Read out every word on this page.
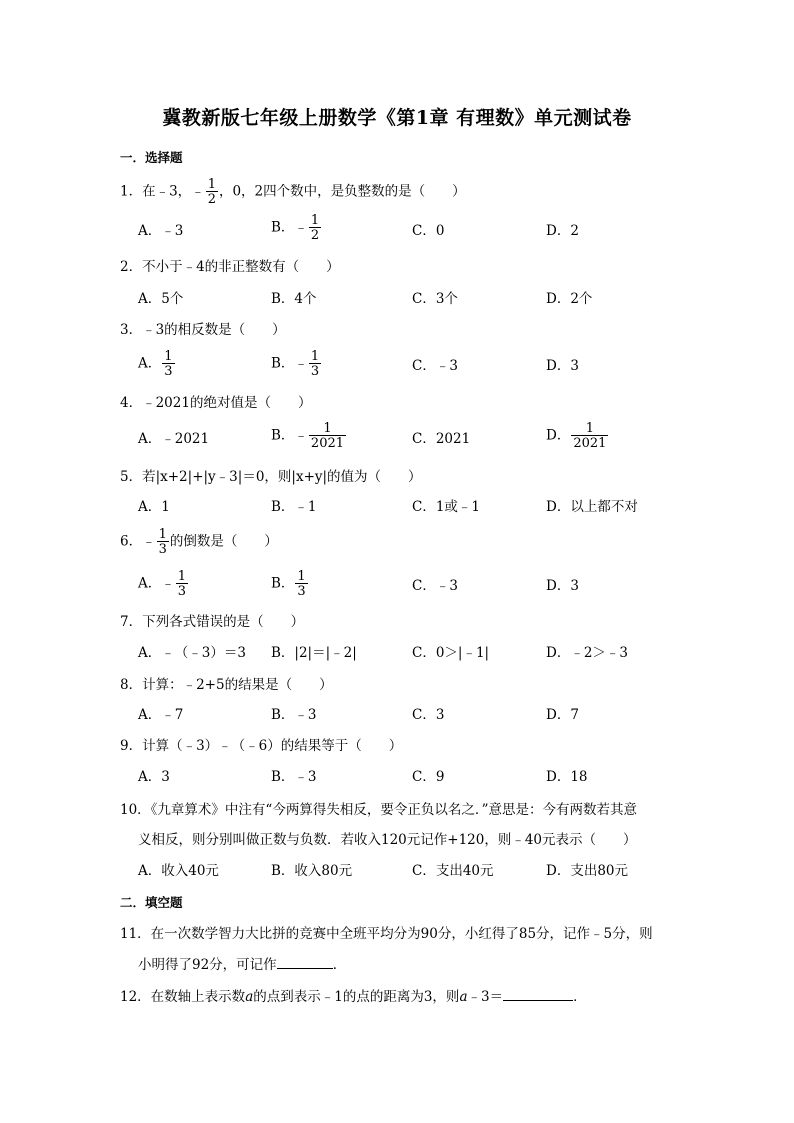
冀教新版七年级上册数学《第1章 有理数》单元测试卷
一．选择题
1．在﹣3，﹣ $\frac{1}{2}$ ，0，2四个数中，是负整数的是（　　）
A．﹣3	B．﹣ $\frac{1}{2}$	C．0	D．2
2．不小于﹣4的非正整数有（　　）
A．5个	B．4个	C．3个	D．2个
3．﹣3的相反数是（　　）
A． $\frac{1}{3}$	B．﹣ $\frac{1}{3}$	C．﹣3	D．3
4．﹣2021的绝对值是（　　）
A．﹣2021	B．﹣ $\frac{1}{2021}$	C．2021	D． $\frac{1}{2021}$
5．若|x+2|+|y﹣3|＝0，则|x+y|的值为（　　）
A．1	B．﹣1	C．1或﹣1	D．以上都不对
6．﹣ $\frac{1}{3}$ 的倒数是（　　）
A．﹣ $\frac{1}{3}$	B． $\frac{1}{3}$	C．﹣3	D．3
7．下列各式错误的是（　　）
A．﹣（﹣3）＝3 B．|2|＝|﹣2|	C．0＞|﹣1|	D．﹣2＞﹣3
8．计算：﹣2+5的结果是（　　）
A．﹣7	B．﹣3	C．3	D．7
9．计算（﹣3）﹣（﹣6）的结果等于（　　）
A．3	B．﹣3	C．9	D．18
10．《九章算术》中注有“今两算得失相反，要令正负以名之．”意思是：今有两数若其意
义相反，则分别叫做正数与负数．若收入120元记作+120，则﹣40元表示（　　）
A．收入40元	B．收入80元	C．支出40元	D．支出80元
二．填空题
11．在一次数学智力大比拼的竞赛中全班平均分为90分，小红得了85分，记作﹣5分，则
小明得了92分，可记作	．
12．在数轴上表示数a的点到表示﹣1的点的距离为3，则a﹣3＝	．
